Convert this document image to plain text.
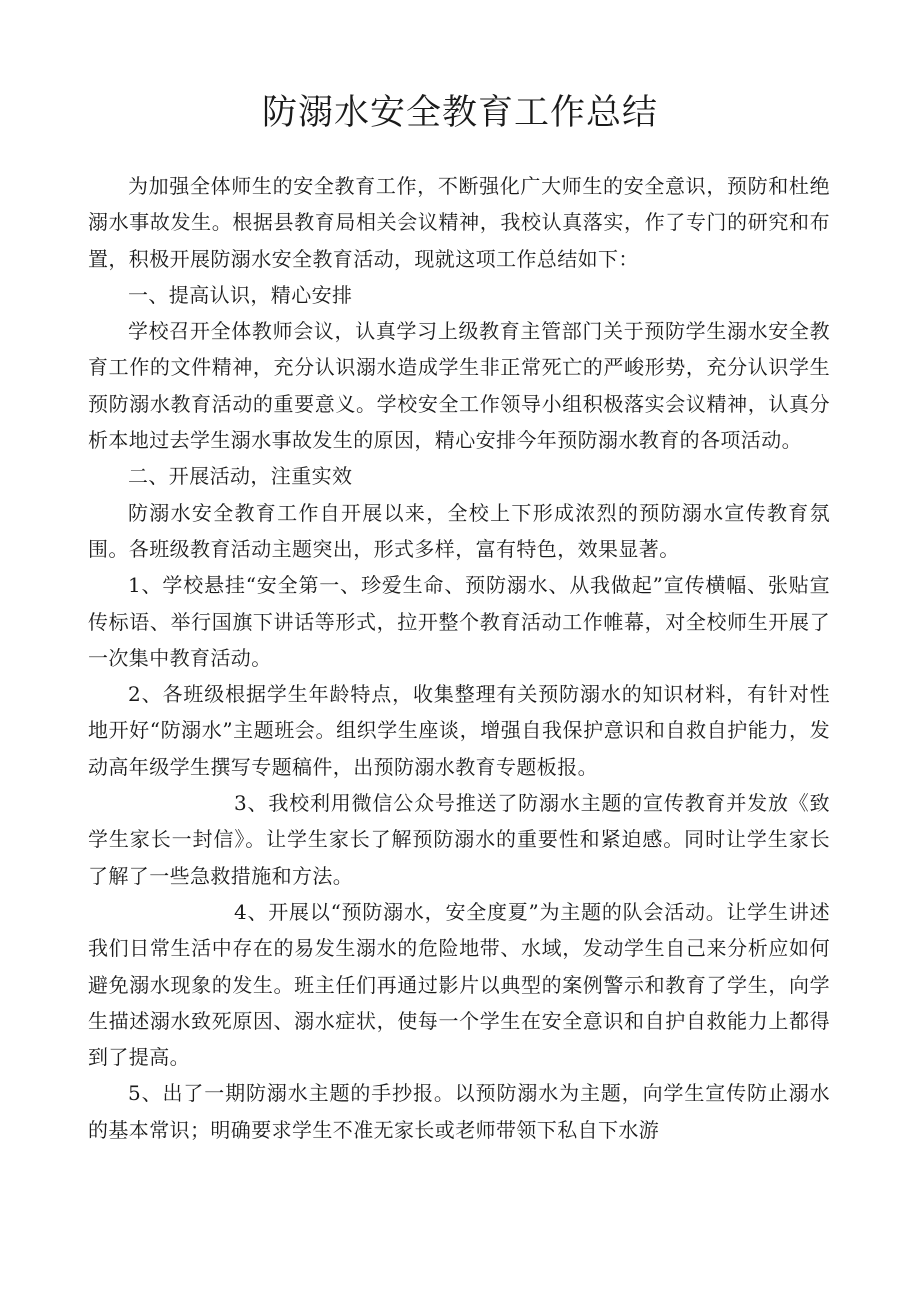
防溺水安全教育工作总结

为加强全体师生的安全教育工作，不断强化广大师生的安全意识，预防和杜绝溺水事故发生。根据县教育局相关会议精神，我校认真落实，作了专门的研究和布置，积极开展防溺水安全教育活动，现就这项工作总结如下：

一、提高认识，精心安排

学校召开全体教师会议，认真学习上级教育主管部门关于预防学生溺水安全教育工作的文件精神，充分认识溺水造成学生非正常死亡的严峻形势，充分认识学生预防溺水教育活动的重要意义。学校安全工作领导小组积极落实会议精神，认真分析本地过去学生溺水事故发生的原因，精心安排今年预防溺水教育的各项活动。

二、开展活动，注重实效

防溺水安全教育工作自开展以来，全校上下形成浓烈的预防溺水宣传教育氛围。各班级教育活动主题突出，形式多样，富有特色，效果显著。

1、学校悬挂“安全第一、珍爱生命、预防溺水、从我做起”宣传横幅、张贴宣传标语、举行国旗下讲话等形式，拉开整个教育活动工作帷幕，对全校师生开展了一次集中教育活动。

2、各班级根据学生年龄特点，收集整理有关预防溺水的知识材料，有针对性地开好“防溺水”主题班会。组织学生座谈，增强自我保护意识和自救自护能力，发动高年级学生撰写专题稿件，出预防溺水教育专题板报。

3、我校利用微信公众号推送了防溺水主题的宣传教育并发放《致学生家长一封信》。让学生家长了解预防溺水的重要性和紧迫感。同时让学生家长了解了一些急救措施和方法。

4、开展以“预防溺水，安全度夏”为主题的队会活动。让学生讲述我们日常生活中存在的易发生溺水的危险地带、水域，发动学生自己来分析应如何避免溺水现象的发生。班主任们再通过影片以典型的案例警示和教育了学生，向学生描述溺水致死原因、溺水症状，使每一个学生在安全意识和自护自救能力上都得到了提高。

5、出了一期防溺水主题的手抄报。以预防溺水为主题，向学生宣传防止溺水的基本常识；明确要求学生不准无家长或老师带领下私自下水游
